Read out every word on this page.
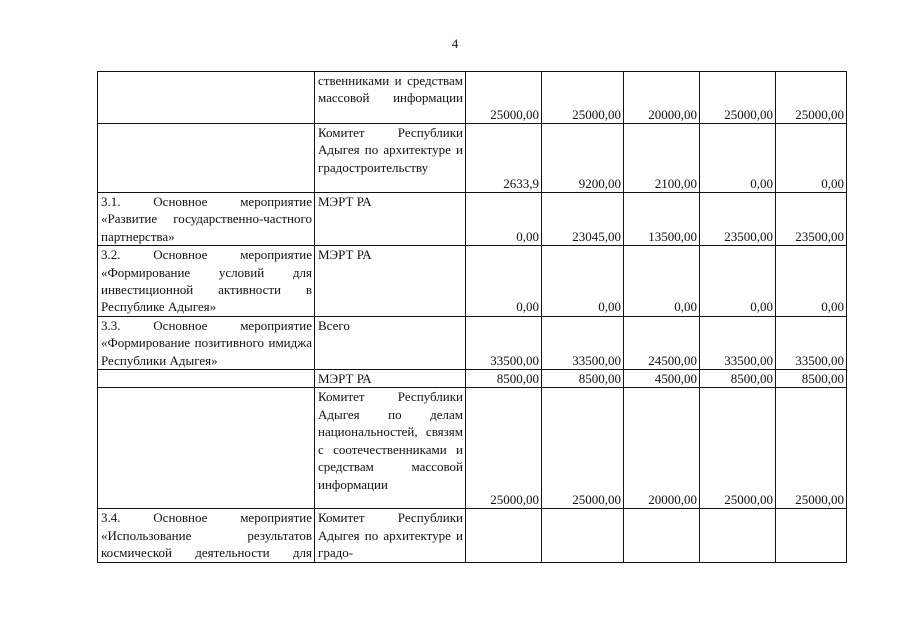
4
	ственниками и средствам массовой информации	25000,00	25000,00	20000,00	25000,00	25000,00
	Комитет Республики Адыгея по архитектуре и градостроительству	2633,9	9200,00	2100,00	0,00	0,00
3.1. Основное мероприятие «Развитие государственно-частного партнерства»	МЭРТ РА	0,00	23045,00	13500,00	23500,00	23500,00
3.2. Основное мероприятие «Формирование условий для инвестиционной активности в Республике Адыгея»	МЭРТ РА	0,00	0,00	0,00	0,00	0,00
3.3. Основное мероприятие «Формирование позитивного имиджа Республики Адыгея»	Всего	33500,00	33500,00	24500,00	33500,00	33500,00
	МЭРТ РА	8500,00	8500,00	4500,00	8500,00	8500,00
	Комитет Республики Адыгея по делам национальностей, связям с соотечественниками и средствам массовой информации	25000,00	25000,00	20000,00	25000,00	25000,00
3.4. Основное мероприятие «Использование результатов космической деятельности для	Комитет Республики Адыгея по архитектуре и градо-					
